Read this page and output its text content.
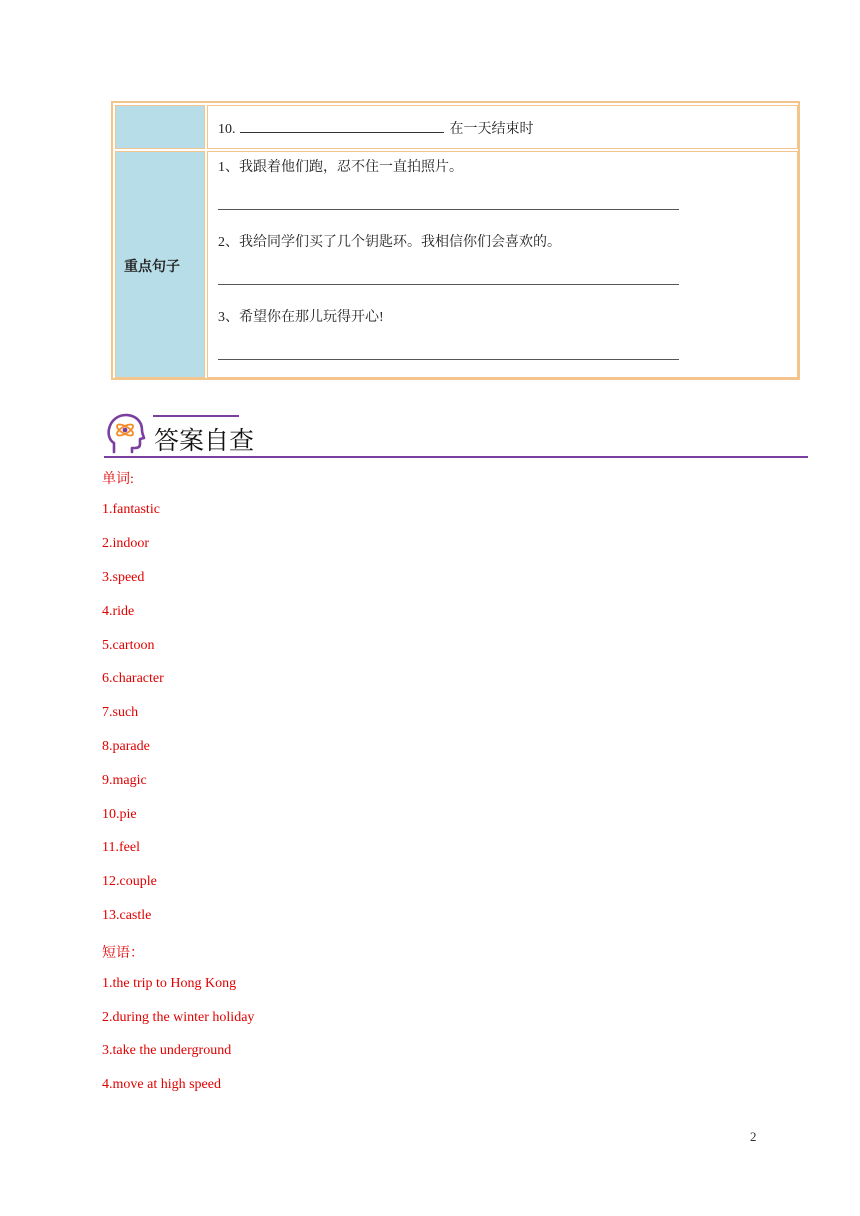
10.	在一天结束时
重点句子
1、我跟着他们跑，忍不住一直拍照片。
2、我给同学们买了几个钥匙环。我相信你们会喜欢的。
3、希望你在那儿玩得开心!
答案自查
单词:
1.fantastic
2.indoor
3.speed
4.ride
5.cartoon
6.character
7.such
8.parade
9.magic
10.pie
11.feel
12.couple
13.castle
短语：
1.the trip to Hong Kong
2.during the winter holiday
3.take the underground
4.move at high speed
2
